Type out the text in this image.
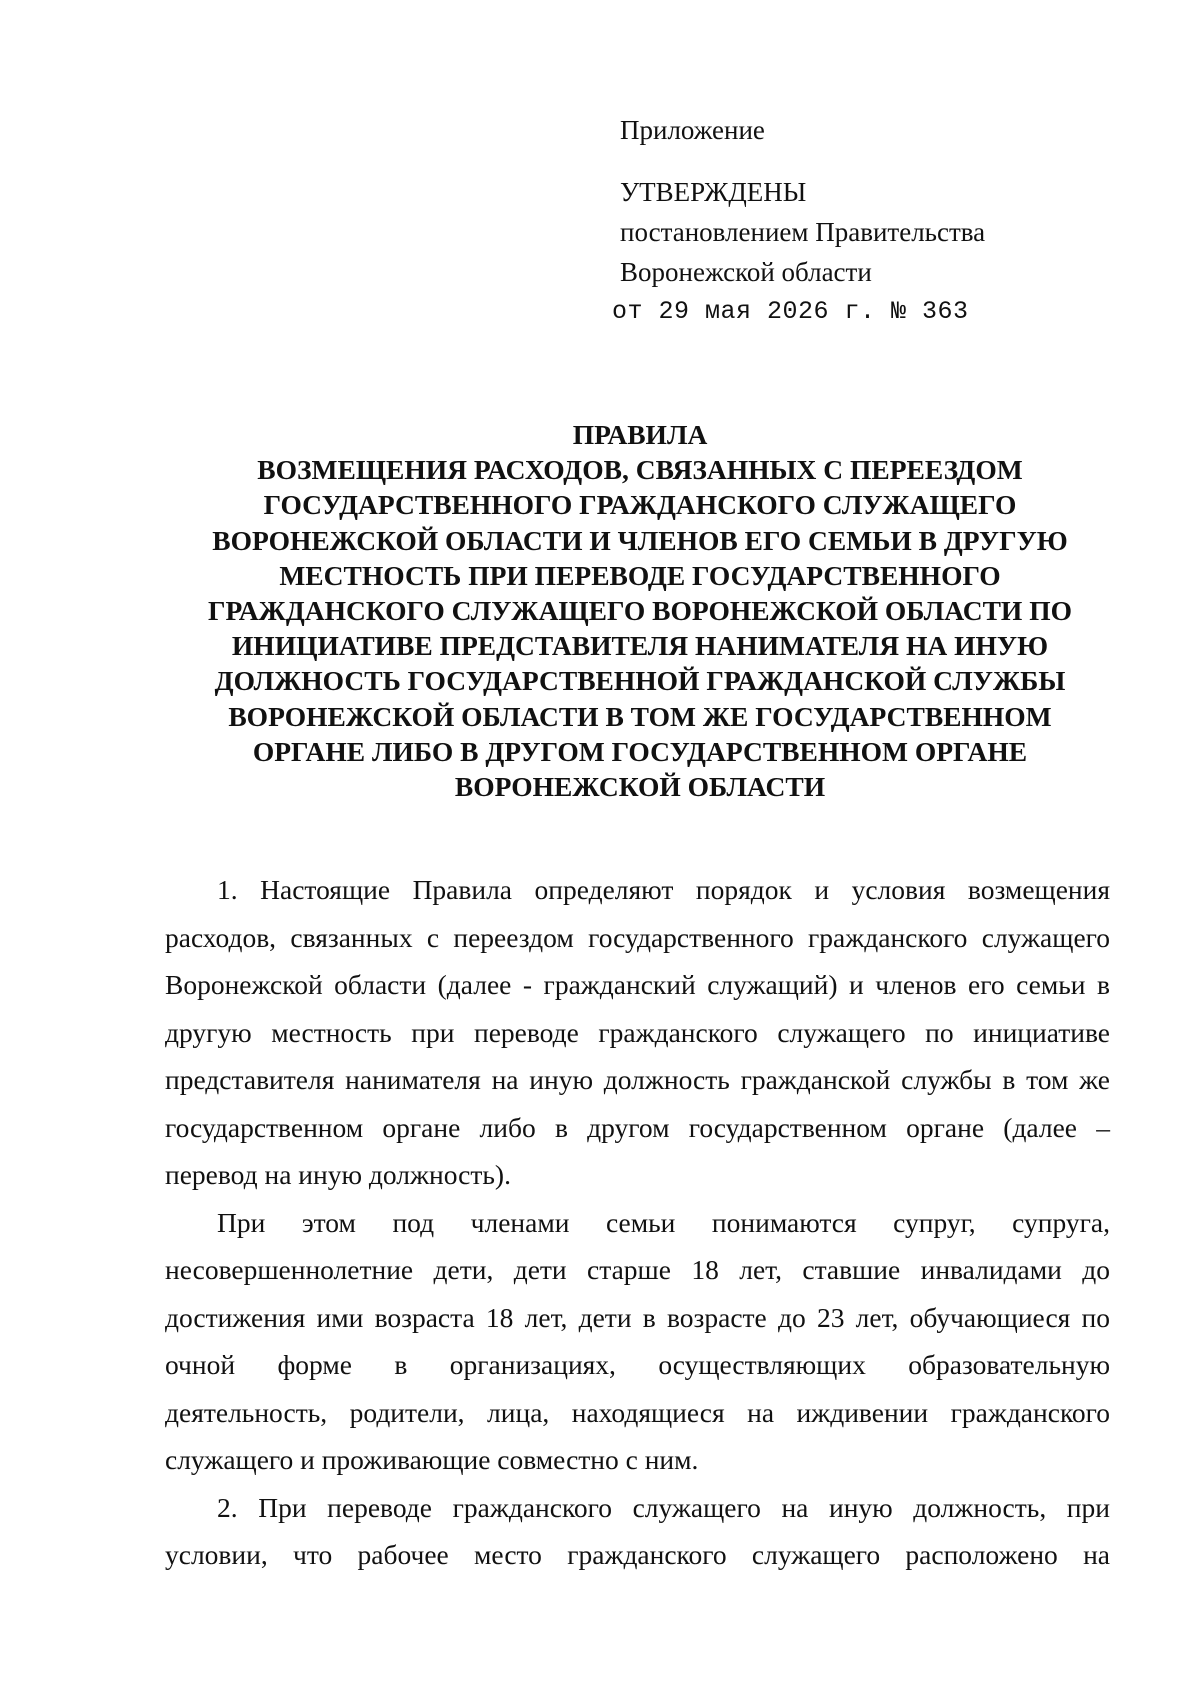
Приложение
УТВЕРЖДЕНЫ
постановлением Правительства
Воронежской области
от 29 мая 2026 г. № 363
ПРАВИЛА
ВОЗМЕЩЕНИЯ РАСХОДОВ, СВЯЗАННЫХ С ПЕРЕЕЗДОМ
ГОСУДАРСТВЕННОГО ГРАЖДАНСКОГО СЛУЖАЩЕГО
ВОРОНЕЖСКОЙ ОБЛАСТИ И ЧЛЕНОВ ЕГО СЕМЬИ В ДРУГУЮ
МЕСТНОСТЬ ПРИ ПЕРЕВОДЕ ГОСУДАРСТВЕННОГО
ГРАЖДАНСКОГО СЛУЖАЩЕГО ВОРОНЕЖСКОЙ ОБЛАСТИ ПО
ИНИЦИАТИВЕ ПРЕДСТАВИТЕЛЯ НАНИМАТЕЛЯ НА ИНУЮ
ДОЛЖНОСТЬ ГОСУДАРСТВЕННОЙ ГРАЖДАНСКОЙ СЛУЖБЫ
ВОРОНЕЖСКОЙ ОБЛАСТИ В ТОМ ЖЕ ГОСУДАРСТВЕННОМ
ОРГАНЕ ЛИБО В ДРУГОМ ГОСУДАРСТВЕННОМ ОРГАНЕ
ВОРОНЕЖСКОЙ ОБЛАСТИ
1. Настоящие Правила определяют порядок и условия возмещения
расходов, связанных с переездом государственного гражданского служащего
Воронежской области (далее - гражданский служащий) и членов его семьи в
другую местность при переводе гражданского служащего по инициативе
представителя нанимателя на иную должность гражданской службы в том же
государственном органе либо в другом государственном органе (далее –
перевод на иную должность).
При этом под членами семьи понимаются супруг, супруга,
несовершеннолетние дети, дети старше 18 лет, ставшие инвалидами до
достижения ими возраста 18 лет, дети в возрасте до 23 лет, обучающиеся по
очной форме в организациях, осуществляющих образовательную
деятельность, родители, лица, находящиеся на иждивении гражданского
служащего и проживающие совместно с ним.
2. При переводе гражданского служащего на иную должность, при
условии, что рабочее место гражданского служащего расположено на
